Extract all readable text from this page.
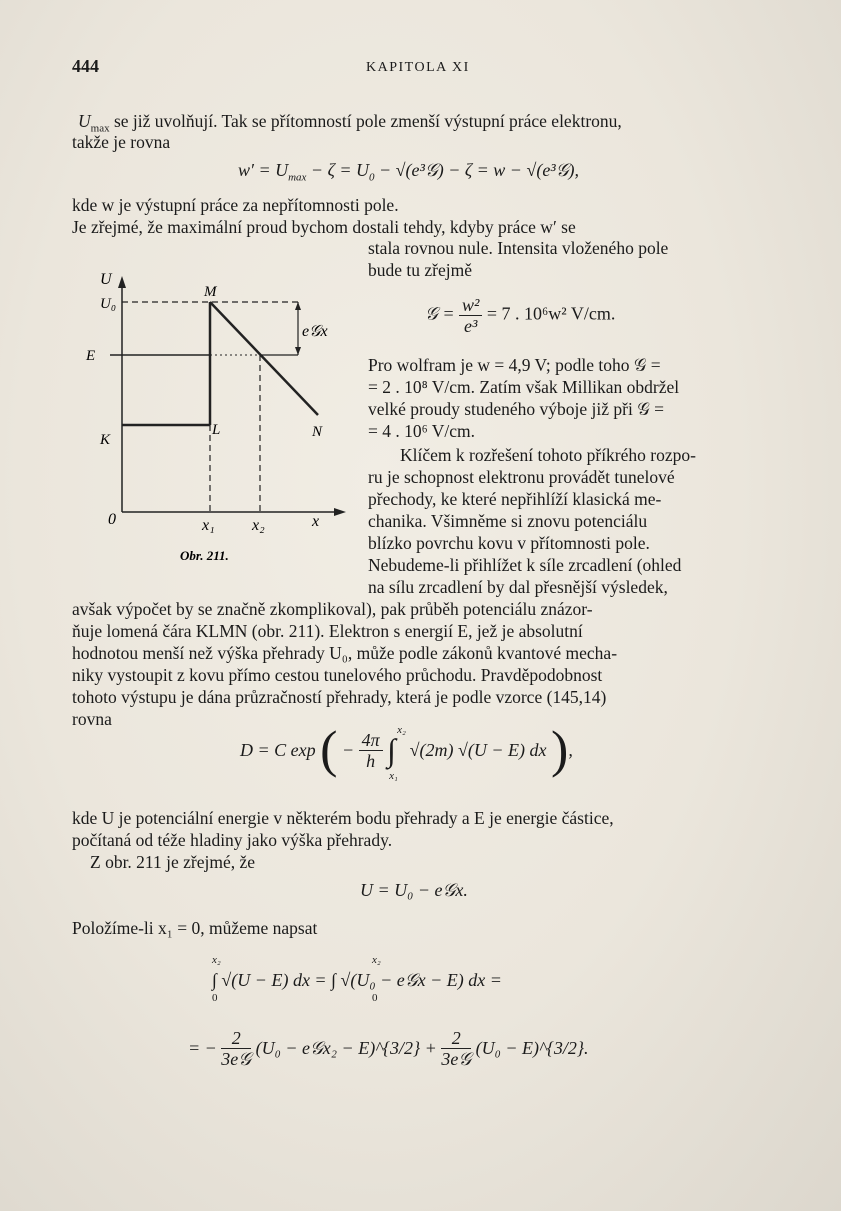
444	KAPITOLA XI
$U_{max}$ se již uvolňují. Tak se přítomností pole zmenší výstupní práce elektronu,
takže je rovna
$w' = U_{max} - \zeta = U_0$ − √(e³𝒢) − ζ = w − √(e³𝒢),
kde w je výstupní práce za nepřítomnosti pole.
Je zřejmé, že maximální proud bychom dostali tehdy, kdyby práce w′ se
stala rovnou nule. Intensita vloženého pole
bude tu zřejmě
𝒢 = $\frac{\text{w²}}{\text{e³}} = 7$ . 10⁶w² V/cm.
Pro wolfram je w = 4,9 V; podle toho 𝒢 =
= 2 . 10⁸ V/cm. Zatím však Millikan obdržel
velké proudy studeného výboje již při 𝒢 =
= 4 . 10⁶ V/cm.
Klíčem k rozřešení tohoto příkrého rozpo-
ru je schopnost elektronu provádět tunelové
přechody, ke které nepřihlíží klasická me-
chanika. Všimněme si znovu potenciálu
blízko povrchu kovu v přítomnosti pole.
Nebudeme-li přihlížet k síle zrcadlení (ohled
na sílu zrcadlení by dal přesnější výsledek,
U
U₀
M
e𝒢x
E
K
L	N
0	x₁ x₂	x
Obr. 211.
avšak výpočet by se značně zkomplikoval), pak průběh potenciálu znázor-
ňuje lomená čára KLMN (obr. 211). Elektron s energií E, jež je absolutní
hodnotou menší než výška přehrady U₀, může podle zákonů kvantové mecha-
niky vystoupit z kovu přímo cestou tunelového průchodu. Pravděpodobnost
tohoto výstupu je dána průzračností přehrady, která je podle vzorce (145,14)
rovna
D = C exp ( − $\frac{4\pi}{h}$ ∫
x₂
x₁
√(2m) √(U − E) dx ),
kde U je potenciální energie v některém bodu přehrady a E je energie částice,
počítaná od téže hladiny jako výška přehrady.
Z obr. 211 je zřejmé, že
U = U₀ − e𝒢x.
Položíme-li x₁ = 0, můžeme napsat
∫ √(U − E) dx = ∫ √(U₀ − e𝒢x − E) dx =
x₂
0
x₂
0
= − $\frac{2}{\text{3e𝒢}} (U_0$ − e𝒢x₂ − E)^{3/2} + $\frac{2}{\text{3e𝒢}} (U_0$ − E)^{3/2}.
